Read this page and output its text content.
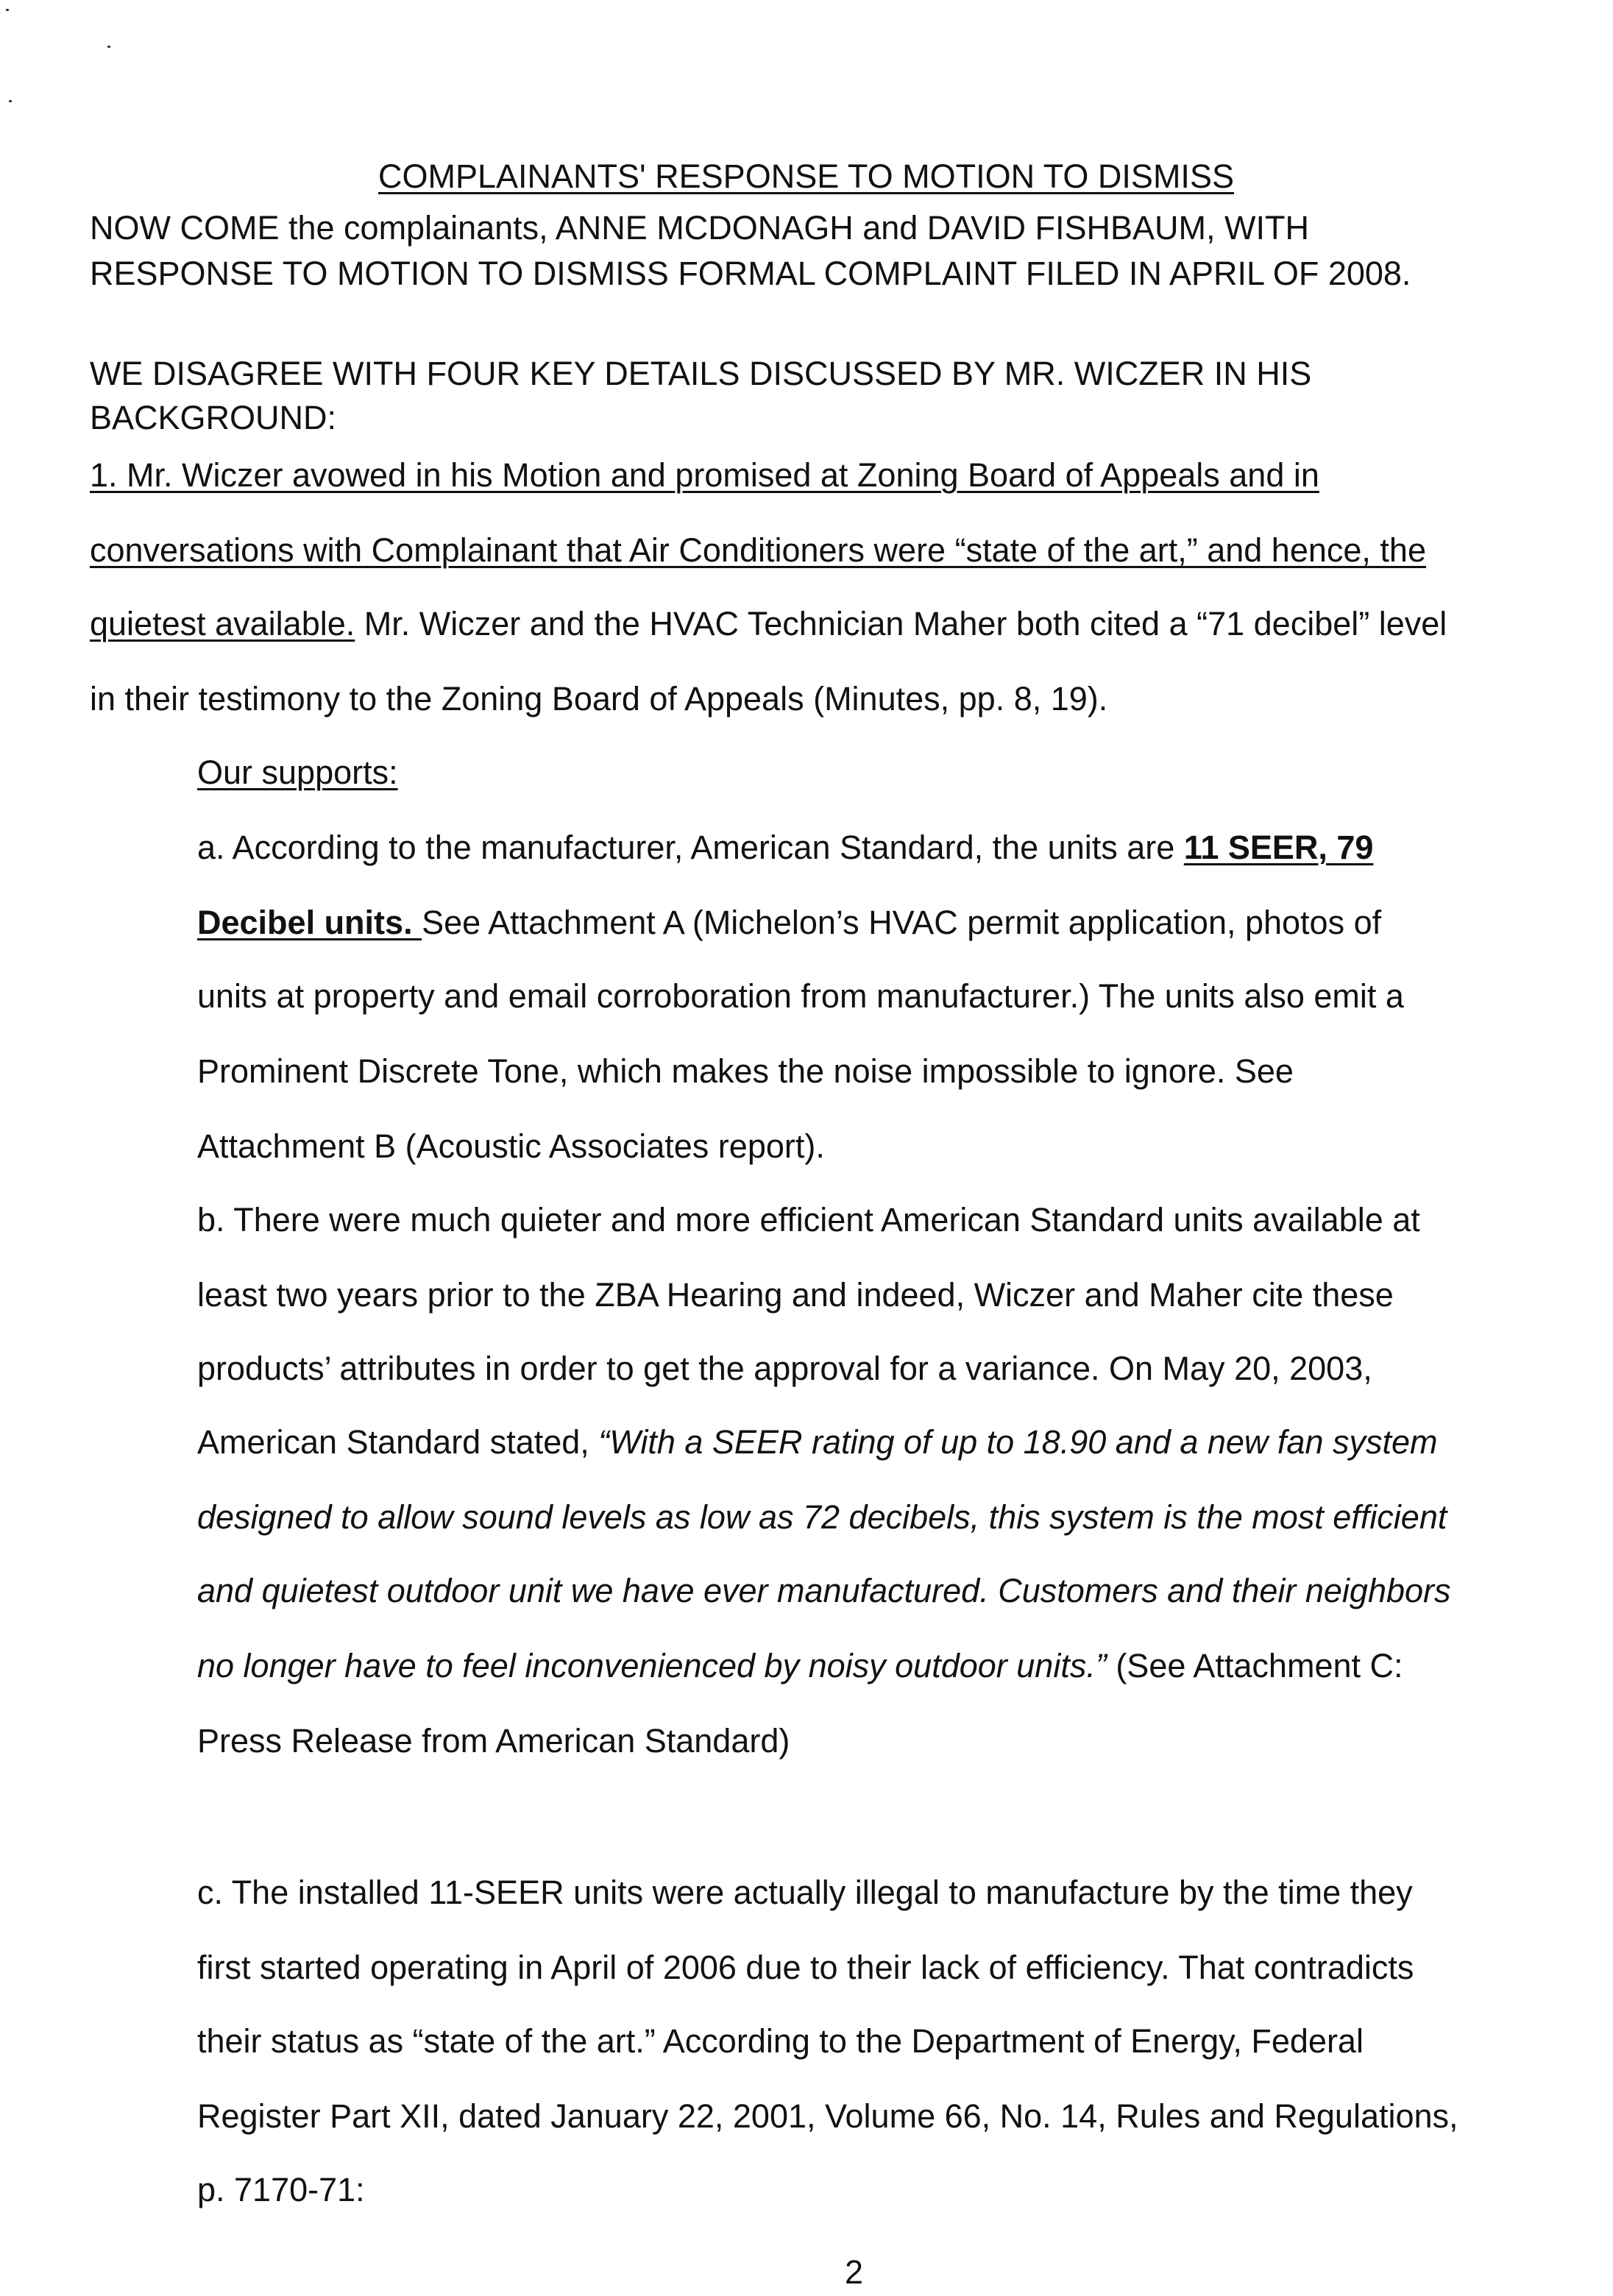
COMPLAINANTS' RESPONSE TO MOTION TO DISMISS
NOW COME the complainants, ANNE MCDONAGH and DAVID FISHBAUM, WITH
RESPONSE TO MOTION TO DISMISS FORMAL COMPLAINT FILED IN APRIL OF 2008.
WE DISAGREE WITH FOUR KEY DETAILS DISCUSSED BY MR. WICZER IN HIS
BACKGROUND:
1. Mr. Wiczer avowed in his Motion and promised at Zoning Board of Appeals and in
conversations with Complainant that Air Conditioners were “state of the art,” and hence, the
quietest available. Mr. Wiczer and the HVAC Technician Maher both cited a “71 decibel” level
in their testimony to the Zoning Board of Appeals (Minutes, pp. 8, 19).
Our supports:
a. According to the manufacturer, American Standard, the units are 11 SEER, 79
Decibel units. See Attachment A (Michelon’s HVAC permit application, photos of
units at property and email corroboration from manufacturer.) The units also emit a
Prominent Discrete Tone, which makes the noise impossible to ignore. See
Attachment B (Acoustic Associates report).
b. There were much quieter and more efficient American Standard units available at
least two years prior to the ZBA Hearing and indeed, Wiczer and Maher cite these
products’ attributes in order to get the approval for a variance. On May 20, 2003,
American Standard stated, “With a SEER rating of up to 18.90 and a new fan system
designed to allow sound levels as low as 72 decibels, this system is the most efficient
and quietest outdoor unit we have ever manufactured. Customers and their neighbors
no longer have to feel inconvenienced by noisy outdoor units.” (See Attachment C:
Press Release from American Standard)
c. The installed 11-SEER units were actually illegal to manufacture by the time they
first started operating in April of 2006 due to their lack of efficiency. That contradicts
their status as “state of the art.” According to the Department of Energy, Federal
Register Part XII, dated January 22, 2001, Volume 66, No. 14, Rules and Regulations,
p. 7170-71:
2
